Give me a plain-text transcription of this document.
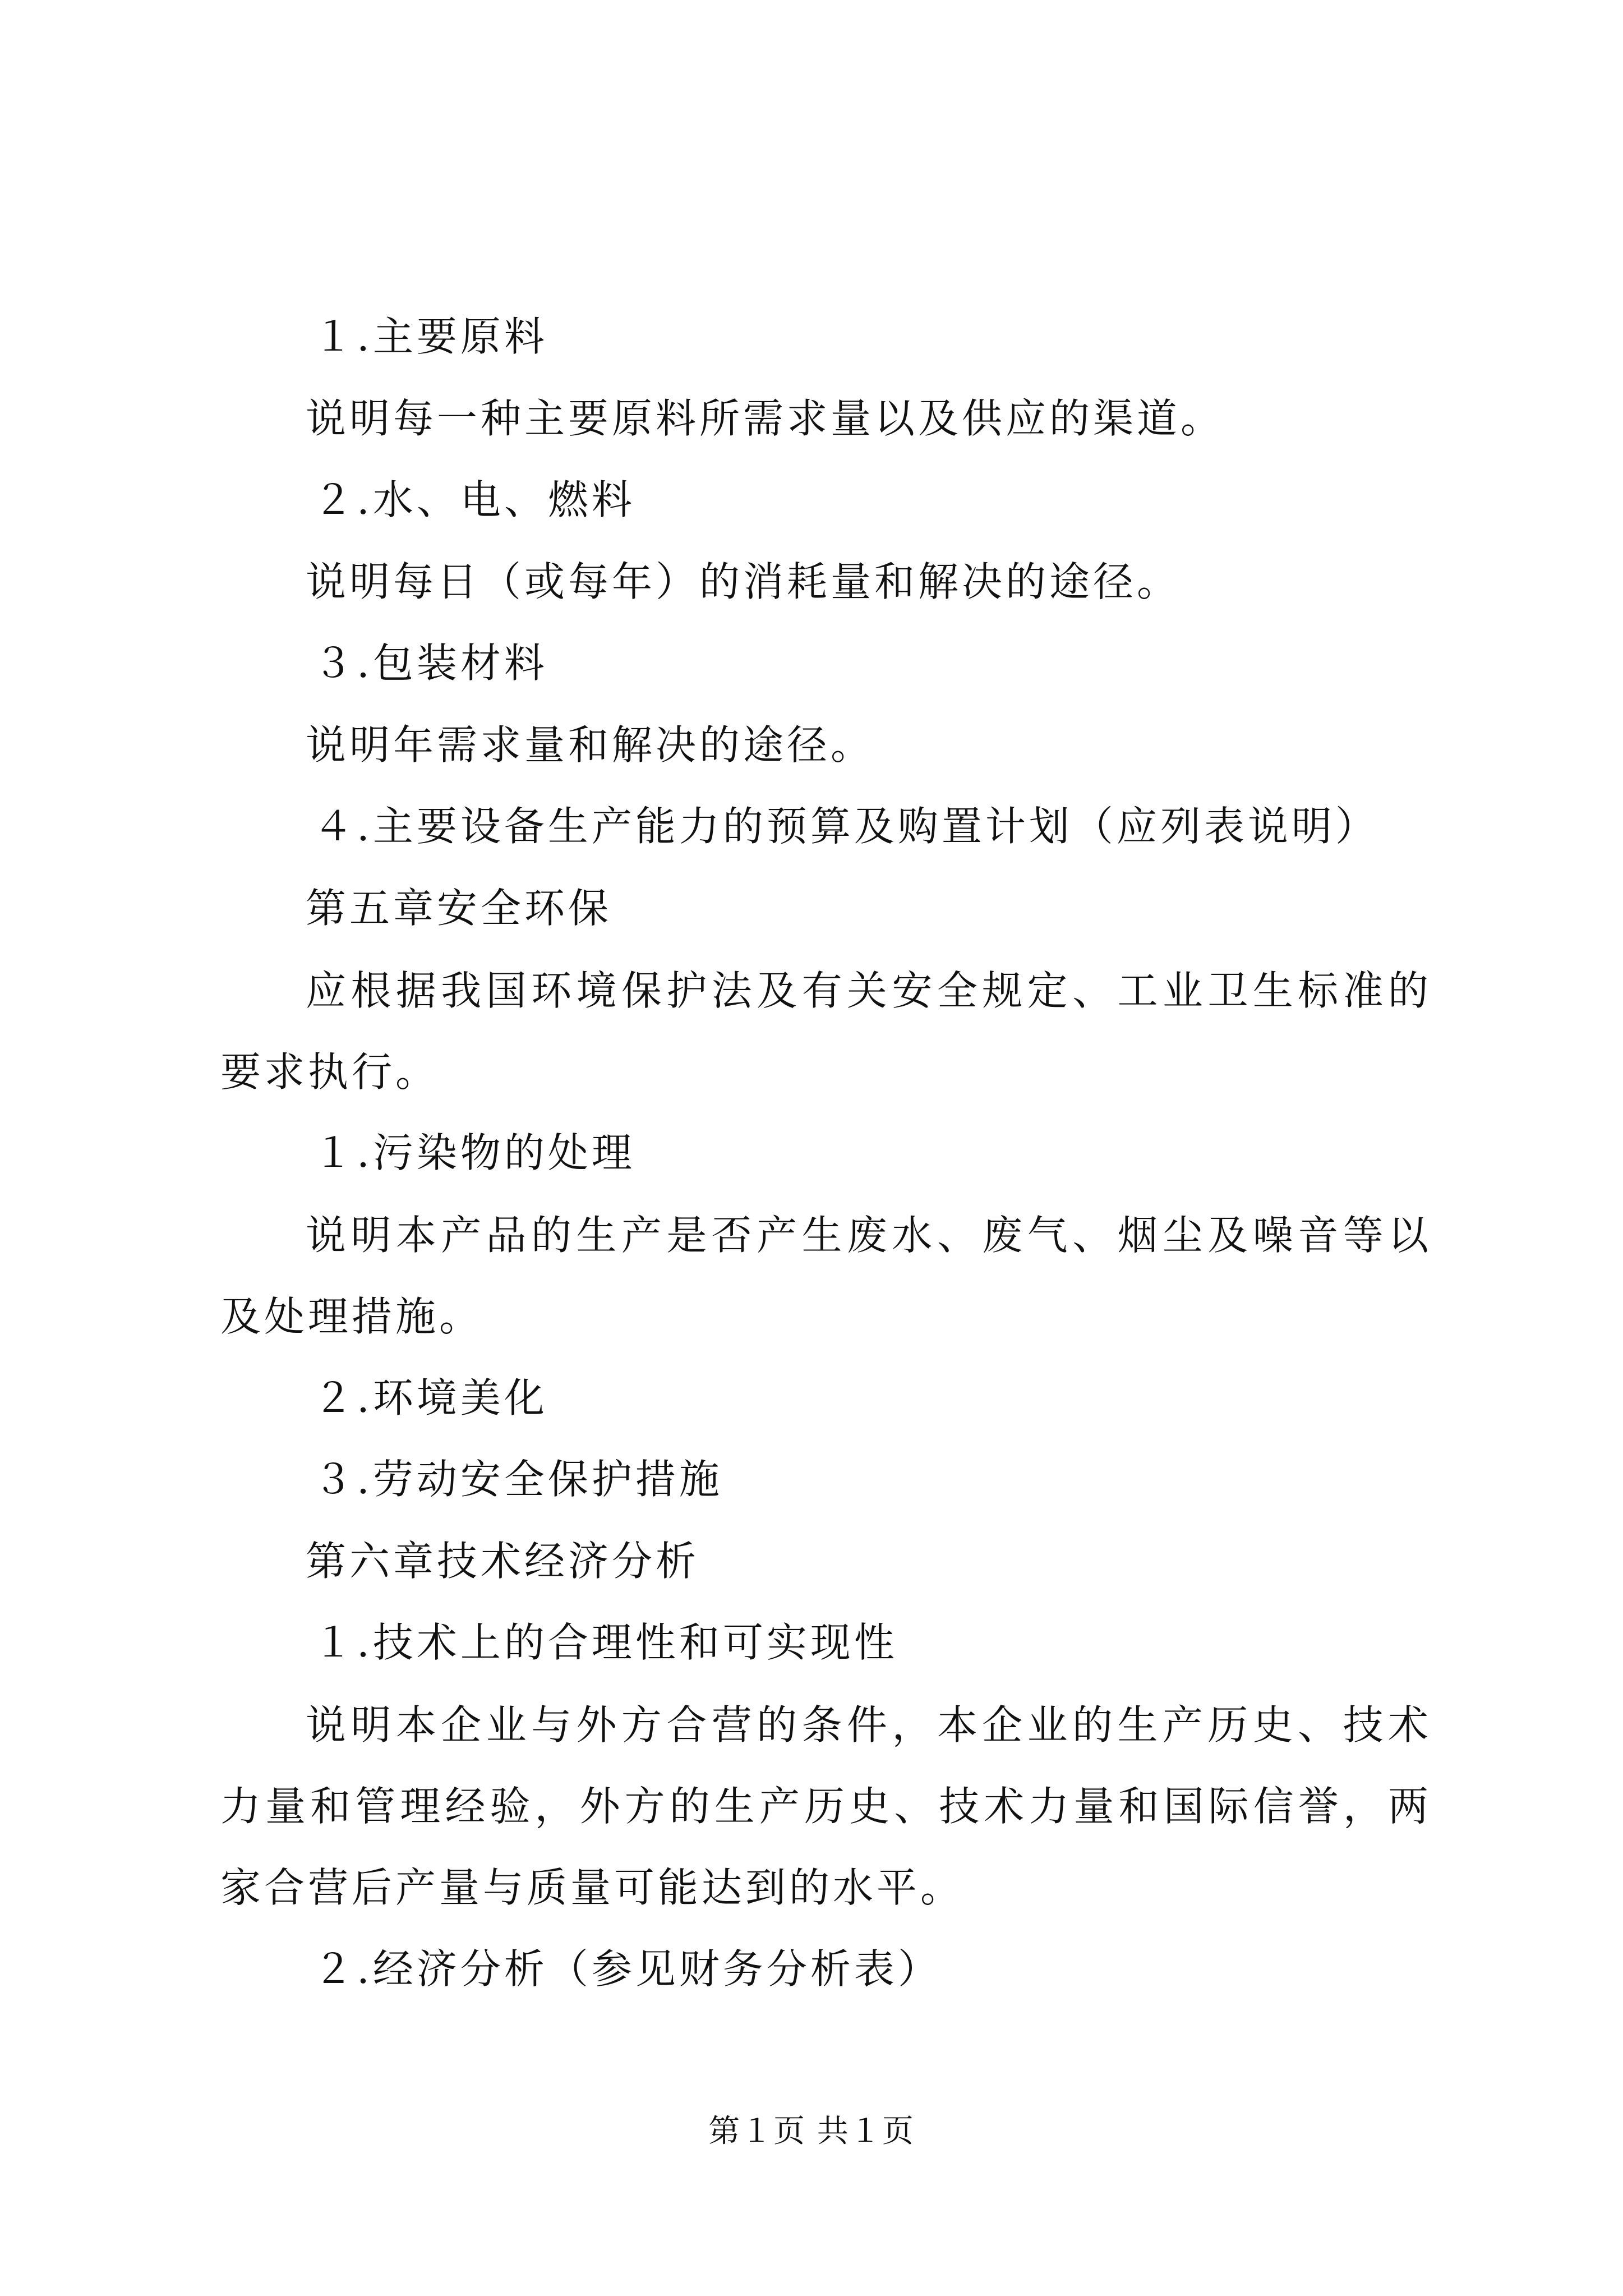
１.主要原料
说明每一种主要原料所需求量以及供应的渠道。
２.水、电、燃料
说明每日（或每年）的消耗量和解决的途径。
３.包装材料
说明年需求量和解决的途径。
４.主要设备生产能力的预算及购置计划（应列表说明）
第五章安全环保

应根据我国环境保护法及有关安全规定、工业卫生标准的要求执行。

１.污染物的处理

说明本产品的生产是否产生废水、废气、烟尘及噪音等以及处理措施。

２.环境美化
３.劳动安全保护措施
第六章技术经济分析
１.技术上的合理性和可实现性

说明本企业与外方合营的条件，本企业的生产历史、技术力量和管理经验，外方的生产历史、技术力量和国际信誉，两家合营后产量与质量可能达到的水平。

２.经济分析（参见财务分析表）
第１页 共１页
